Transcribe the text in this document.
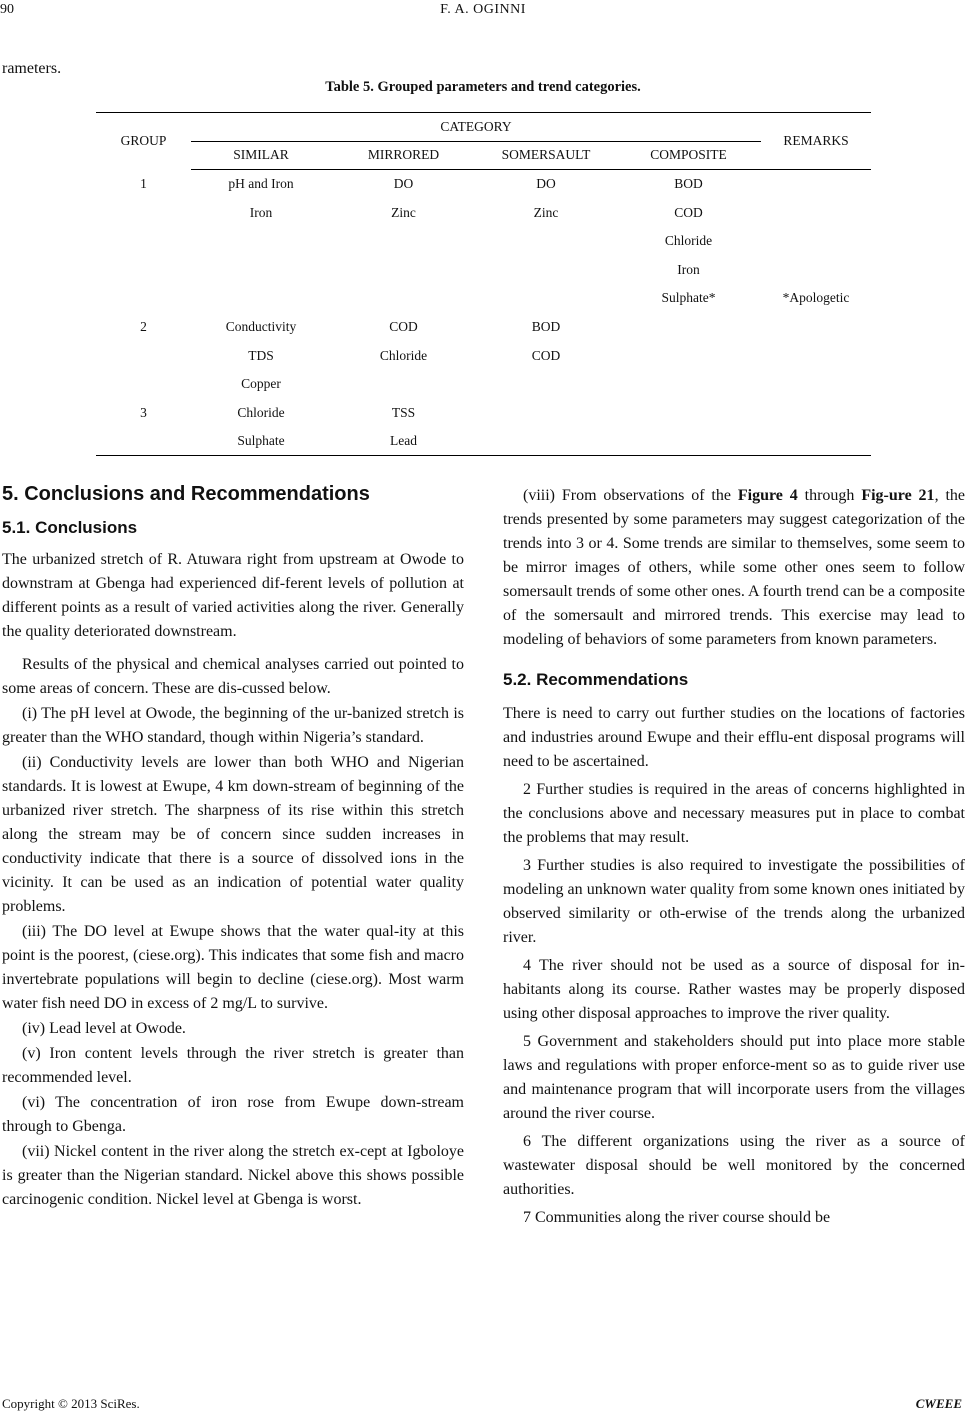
90	F. A. OGINNI
rameters.
Table 5. Grouped parameters and trend categories.
GROUP	CATEGORY				REMARKS
	SIMILAR	MIRRORED	SOMERSAULT	COMPOSITE	
1	pH and Iron	DO	DO	BOD	
	Iron	Zinc	Zinc	COD	
				Chloride	
				Iron	
				Sulphate*	*Apologetic
2	Conductivity	COD	BOD		
	TDS	Chloride	COD		
	Copper				
3	Chloride	TSS			
	Sulphate	Lead			
5. Conclusions and Recommendations
5.1. Conclusions

The urbanized stretch of R. Atuwara right from upstream at Owode to downstram at Gbenga had experienced dif-ferent levels of pollution at different points as a result of varied activities along the river. Generally the quality deteriorated downstream.

Results of the physical and chemical analyses carried out pointed to some areas of concern. These are dis-cussed below.

(i) The pH level at Owode, the beginning of the ur-banized stretch is greater than the WHO standard, though within Nigeria’s standard.

(ii) Conductivity levels are lower than both WHO and Nigerian standards. It is lowest at Ewupe, 4 km down-stream of beginning of the urbanized river stretch. The sharpness of its rise within this stretch along the stream may be of concern since sudden increases in conductivity indicate that there is a source of dissolved ions in the vicinity. It can be used as an indication of potential water quality problems.

(iii) The DO level at Ewupe shows that the water qual-ity at this point is the poorest, (ciese.org). This indicates that some fish and macro invertebrate populations will begin to decline (ciese.org). Most warm water fish need DO in excess of 2 mg/L to survive.

(iv) Lead level at Owode.

(v) Iron content levels through the river stretch is greater than recommended level.

(vi) The concentration of iron rose from Ewupe down-stream through to Gbenga.

(vii) Nickel content in the river along the stretch ex-cept at Igboloye is greater than the Nigerian standard. Nickel above this shows possible carcinogenic condition. Nickel level at Gbenga is worst.

(viii) From observations of the Figure 4 through Fig-ure 21, the trends presented by some parameters may suggest categorization of the trends into 3 or 4. Some trends are similar to themselves, some seem to be mirror images of others, while some other ones seem to follow somersault trends of some other ones. A fourth trend can be a composite of the somersault and mirrored trends. This exercise may lead to modeling of behaviors of some parameters from known parameters.

5.2. Recommendations

There is need to carry out further studies on the locations of factories and industries around Ewupe and their efflu-ent disposal programs will need to be ascertained.

2 Further studies is required in the areas of concerns highlighted in the conclusions above and necessary measures put in place to combat the problems that may result.

3 Further studies is also required to investigate the possibilities of modeling an unknown water quality from some known ones initiated by observed similarity or oth-erwise of the trends along the urbanized river.

4 The river should not be used as a source of disposal for in-habitants along its course. Rather wastes may be properly disposed using other disposal approaches to improve the river quality.

5 Government and stakeholders should put into place more stable laws and regulations with proper enforce-ment so as to guide river use and maintenance program that will incorporate users from the villages around the river course.

6 The different organizations using the river as a source of wastewater disposal should be well monitored by the concerned authorities.

7 Communities along the river course should be

Copyright © 2013 SciRes.	CWEEE
